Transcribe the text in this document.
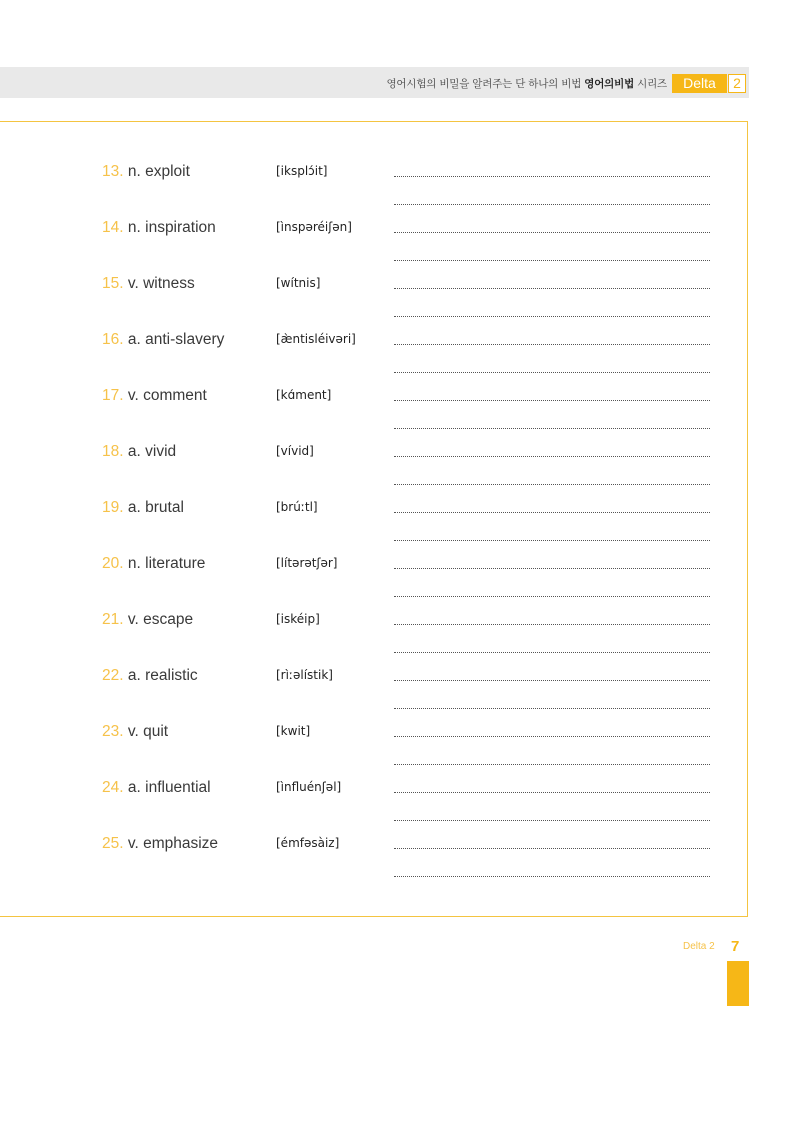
영어시험의 비밀을 알려주는 단 하나의 비법 영어의비법 시리즈	Delta	2
13. n. exploit	[iksplɔ́it]
14. n. inspiration	[ìnspəréiʃən]
15. v. witness	[wítnis]
16. a. anti-slavery	[æ̀ntisléivəri]
17. v. comment	[kɑ́ment]
18. a. vivid	[vívid]
19. a. brutal	[brúːtl]
20. n. literature	[lítərətʃər]
21. v. escape	[iskéip]
22. a. realistic	[rìːəlístik]
23. v. quit	[kwit]
24. a. influential	[ìnfluénʃəl]
25. v. emphasize	[émfəsàiz]
Delta 2 7
